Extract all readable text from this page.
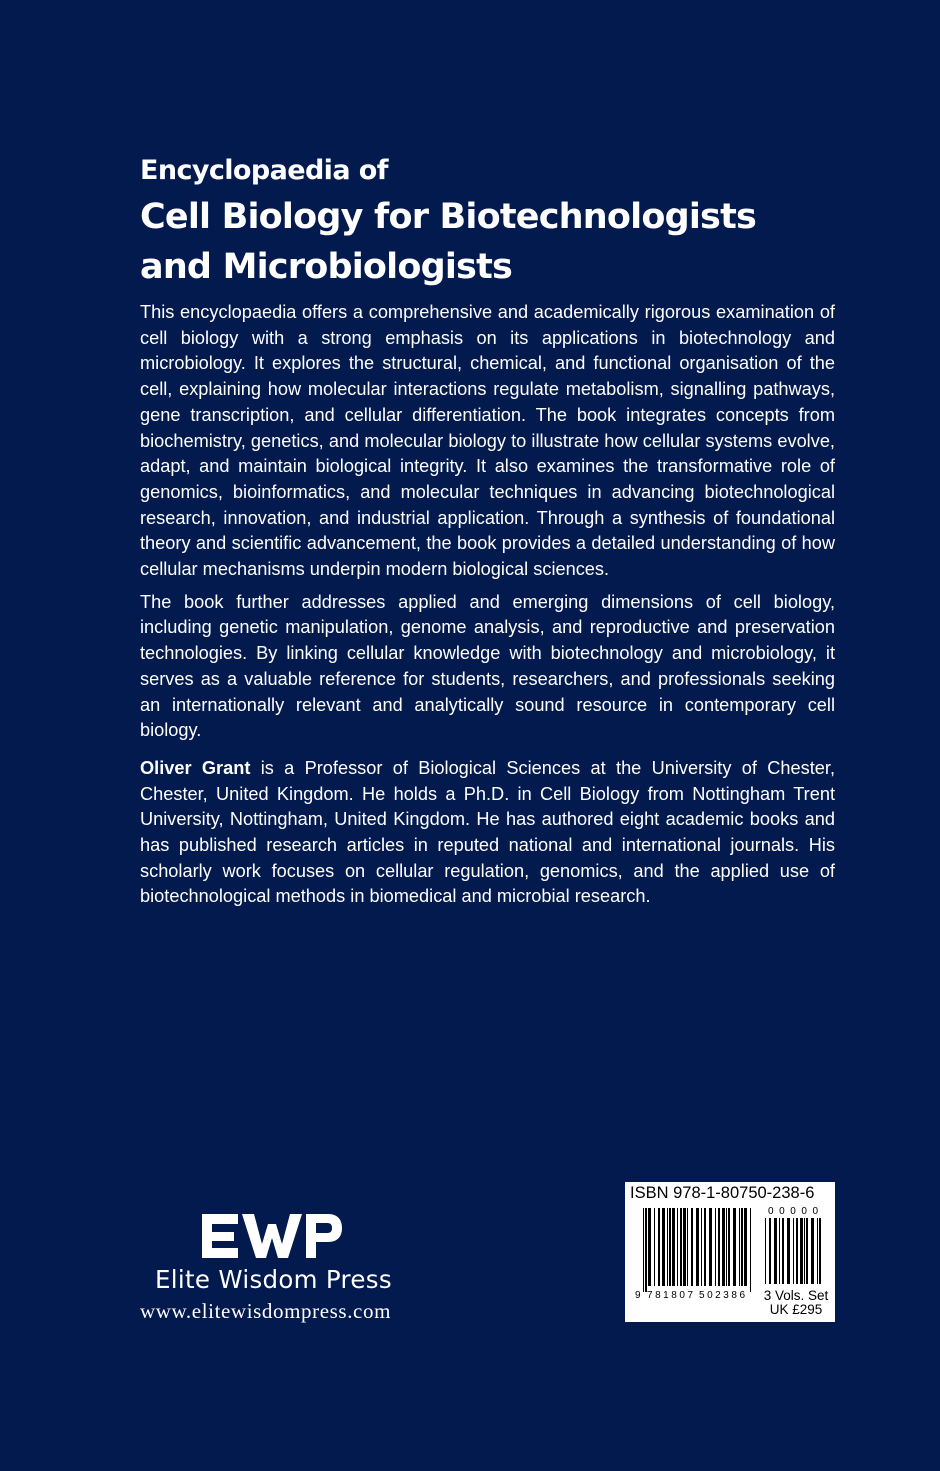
Encyclopaedia of
Cell Biology for Biotechnologists
and Microbiologists

This encyclopaedia offers a comprehensive and academically rigorous examination of cell biology with a strong emphasis on its applications in biotechnology and microbiology. It explores the structural, chemical, and functional organisation of the cell, explaining how molecular interactions regulate metabolism, signalling pathways, gene transcription, and cellular differentiation. The book integrates concepts from biochemistry, genetics, and molecular biology to illustrate how cellular systems evolve, adapt, and maintain biological integrity. It also examines the transformative role of genomics, bioinformatics, and molecular techniques in advancing biotechnological research, innovation, and industrial application. Through a synthesis of foundational theory and scientific advancement, the book provides a detailed understanding of how cellular mechanisms underpin modern biological sciences.

The book further addresses applied and emerging dimensions of cell biology, including genetic manipulation, genome analysis, and reproductive and preservation technologies. By linking cellular knowledge with biotechnology and microbiology, it serves as a valuable reference for students, researchers, and professionals seeking an internationally relevant and analytically sound resource in contemporary cell biology.

Oliver Grant is a Professor of Biological Sciences at the University of Chester, Chester, United Kingdom. He holds a Ph.D. in Cell Biology from Nottingham Trent University, Nottingham, United Kingdom. He has authored eight academic books and has published research articles in reputed national and international journals. His scholarly work focuses on cellular regulation, genomics, and the applied use of biotechnological methods in biomedical and microbial research.

Elite Wisdom Press
www.elitewisdompress.com
ISBN 978-1-80750-238-6
9 781807 502386
00000
3 Vols. Set
UK £295
